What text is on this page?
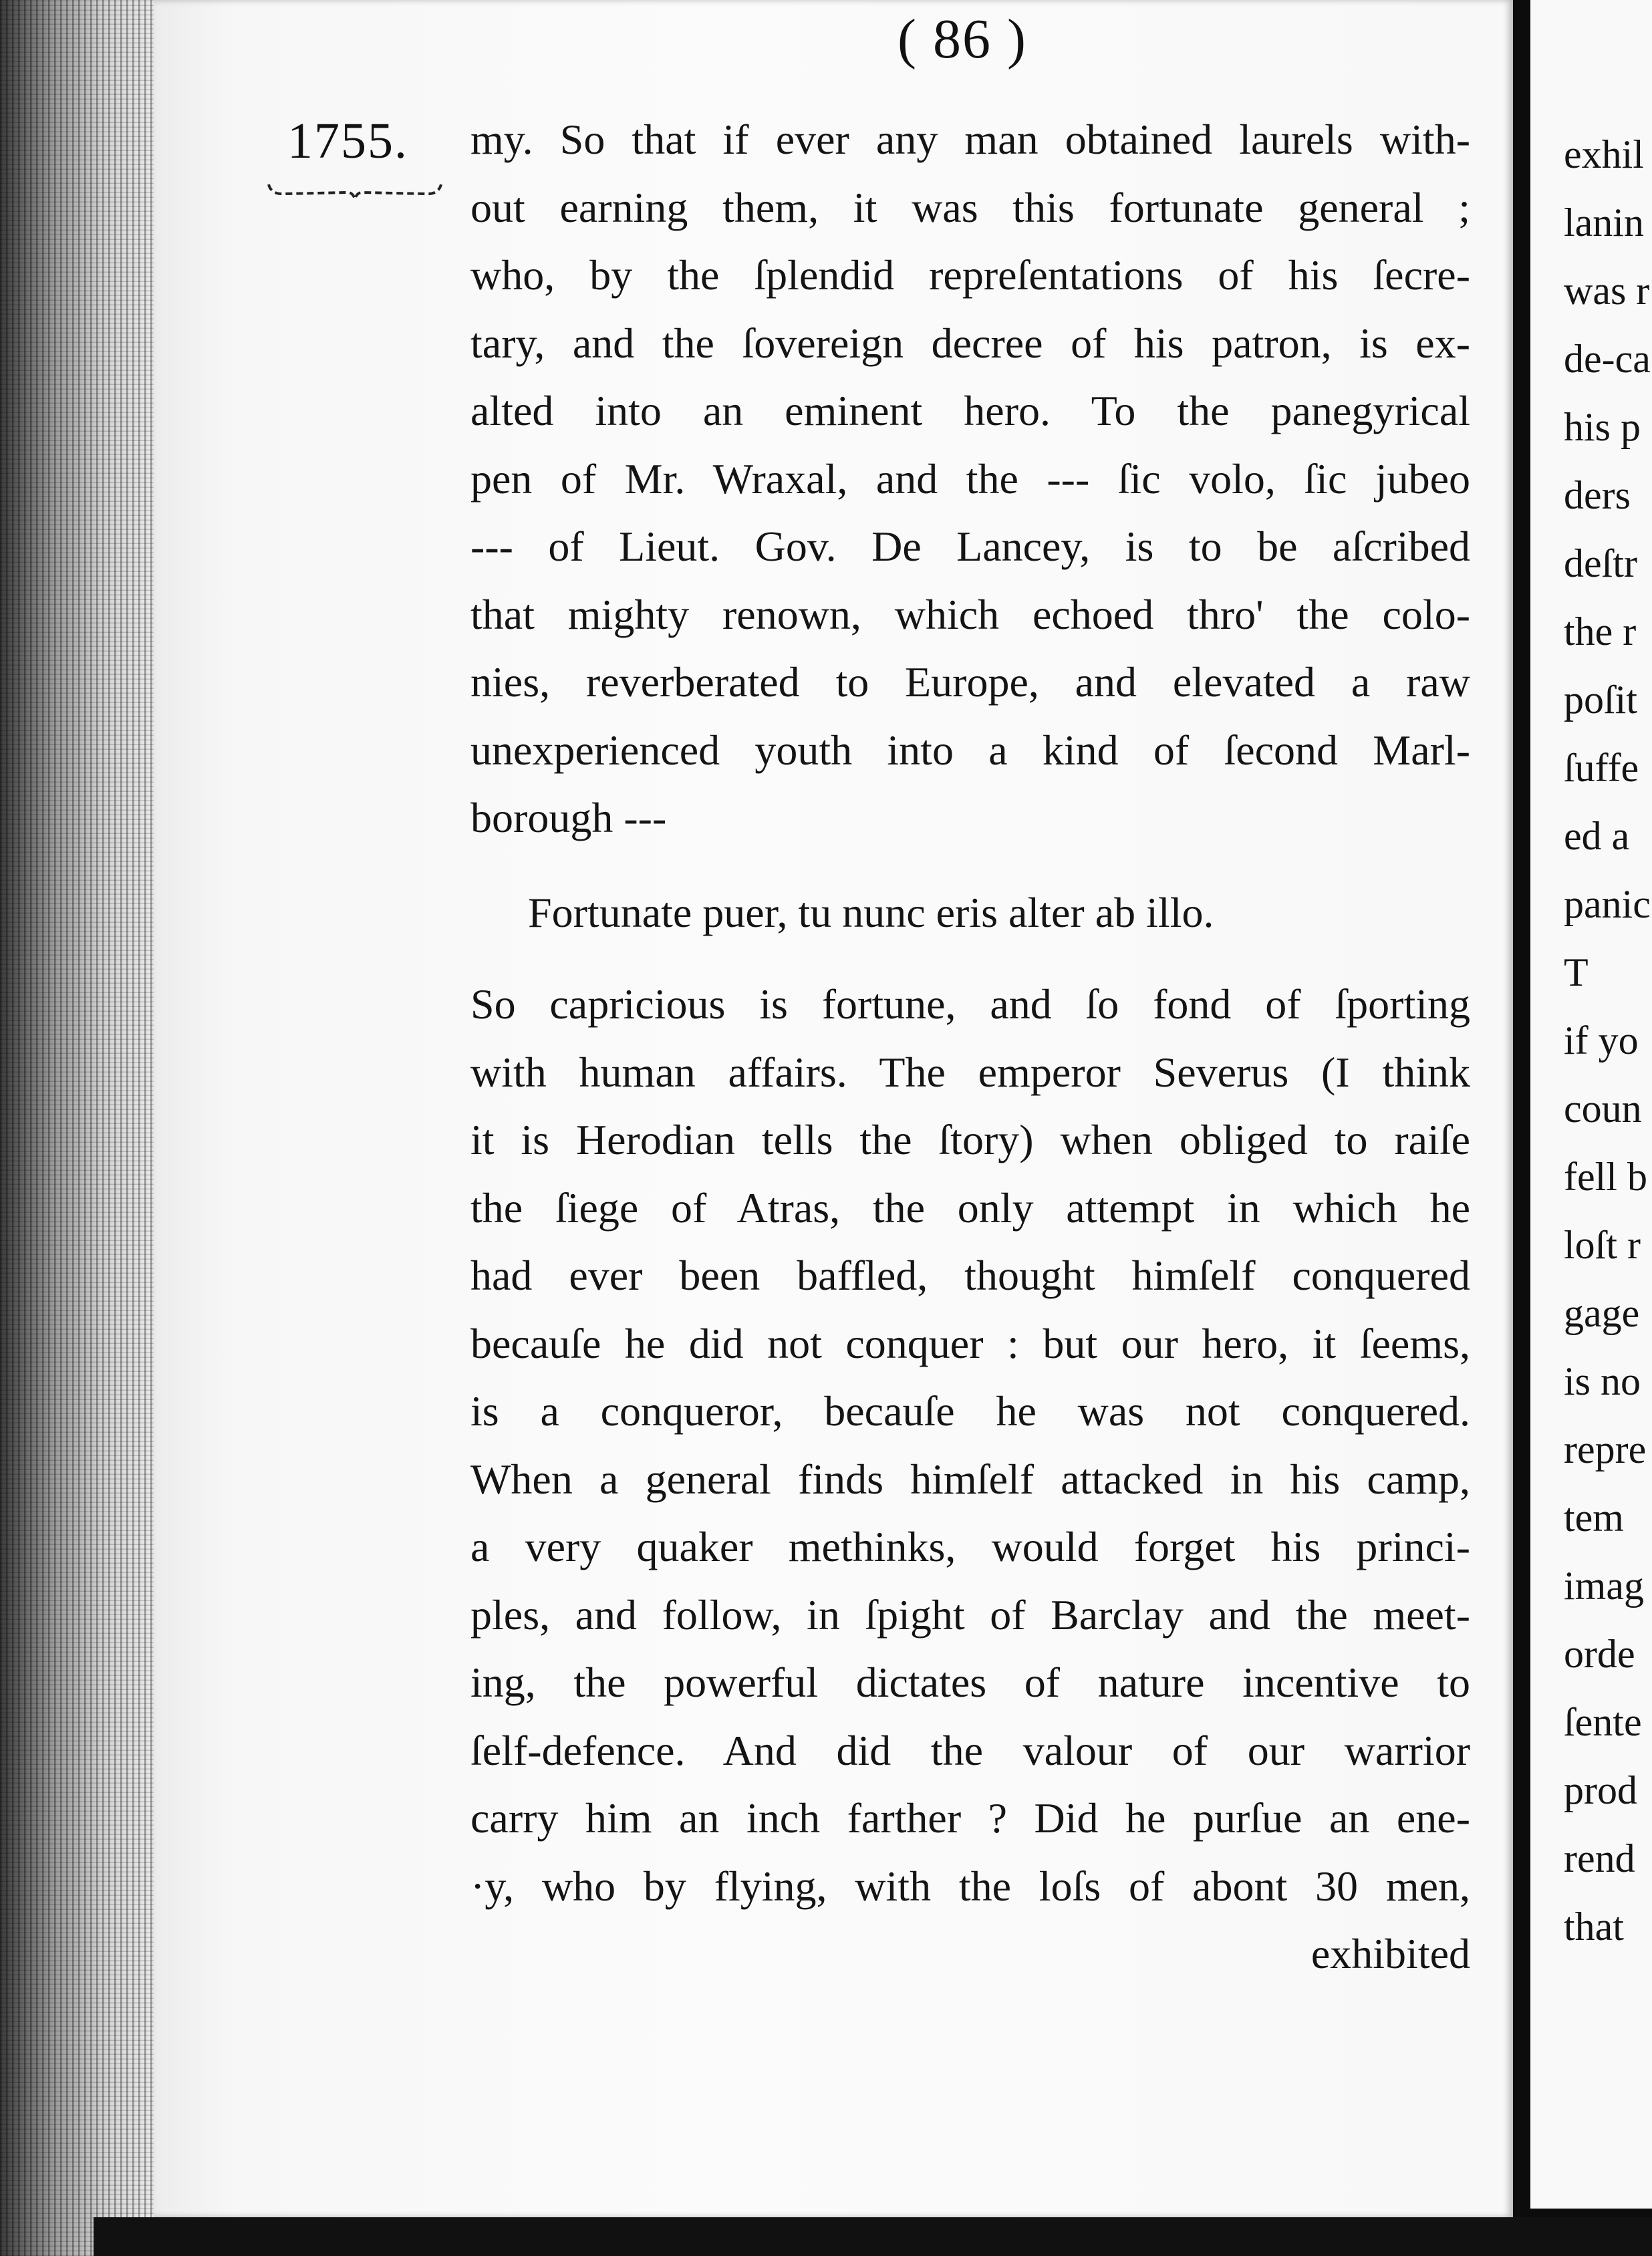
( 86 )
1755. my. So that if ever any man obtained laurels with-
out earning them, it was this fortunate general ;
who, by the ſplendid repreſentations of his ſecre-
tary, and the ſovereign decree of his patron, is ex-
alted into an eminent hero. To the panegyrical
pen of Mr. Wraxal, and the --- ſic volo, ſic jubeo
--- of Lieut. Gov. De Lancey, is to be aſcribed
that mighty renown, which echoed thro' the colo-
nies, reverberated to Europe, and elevated a raw
unexperienced youth into a kind of ſecond Marl-
borough ---
Fortunate puer, tu nunc eris alter ab illo.
So capricious is fortune, and ſo fond of ſporting
with human affairs. The emperor Severus (I think
it is Herodian tells the ſtory) when obliged to raiſe
the ſiege of Atras, the only attempt in which he
had ever been baffled, thought himſelf conquered
becauſe he did not conquer : but our hero, it ſeems,
is a conqueror, becauſe he was not conquered.
When a general finds himſelf attacked in his camp,
a very quaker methinks, would forget his princi-
ples, and follow, in ſpight of Barclay and the meet-
ing, the powerful dictates of nature incentive to
ſelf-defence. And did the valour of our warrior
carry him an inch farther ? Did he purſue an ene-
·y, who by flying, with the loſs of abont 30 men,
exhibited
exhil
lanin
was r
de-ca
his p
ders
deſtr
the r
poſit
ſuffe
ed a
panic
T
if yo
coun
fell b
loſt r
gage
is no
repre
tem
imag
orde
ſente
prod
rend
that
